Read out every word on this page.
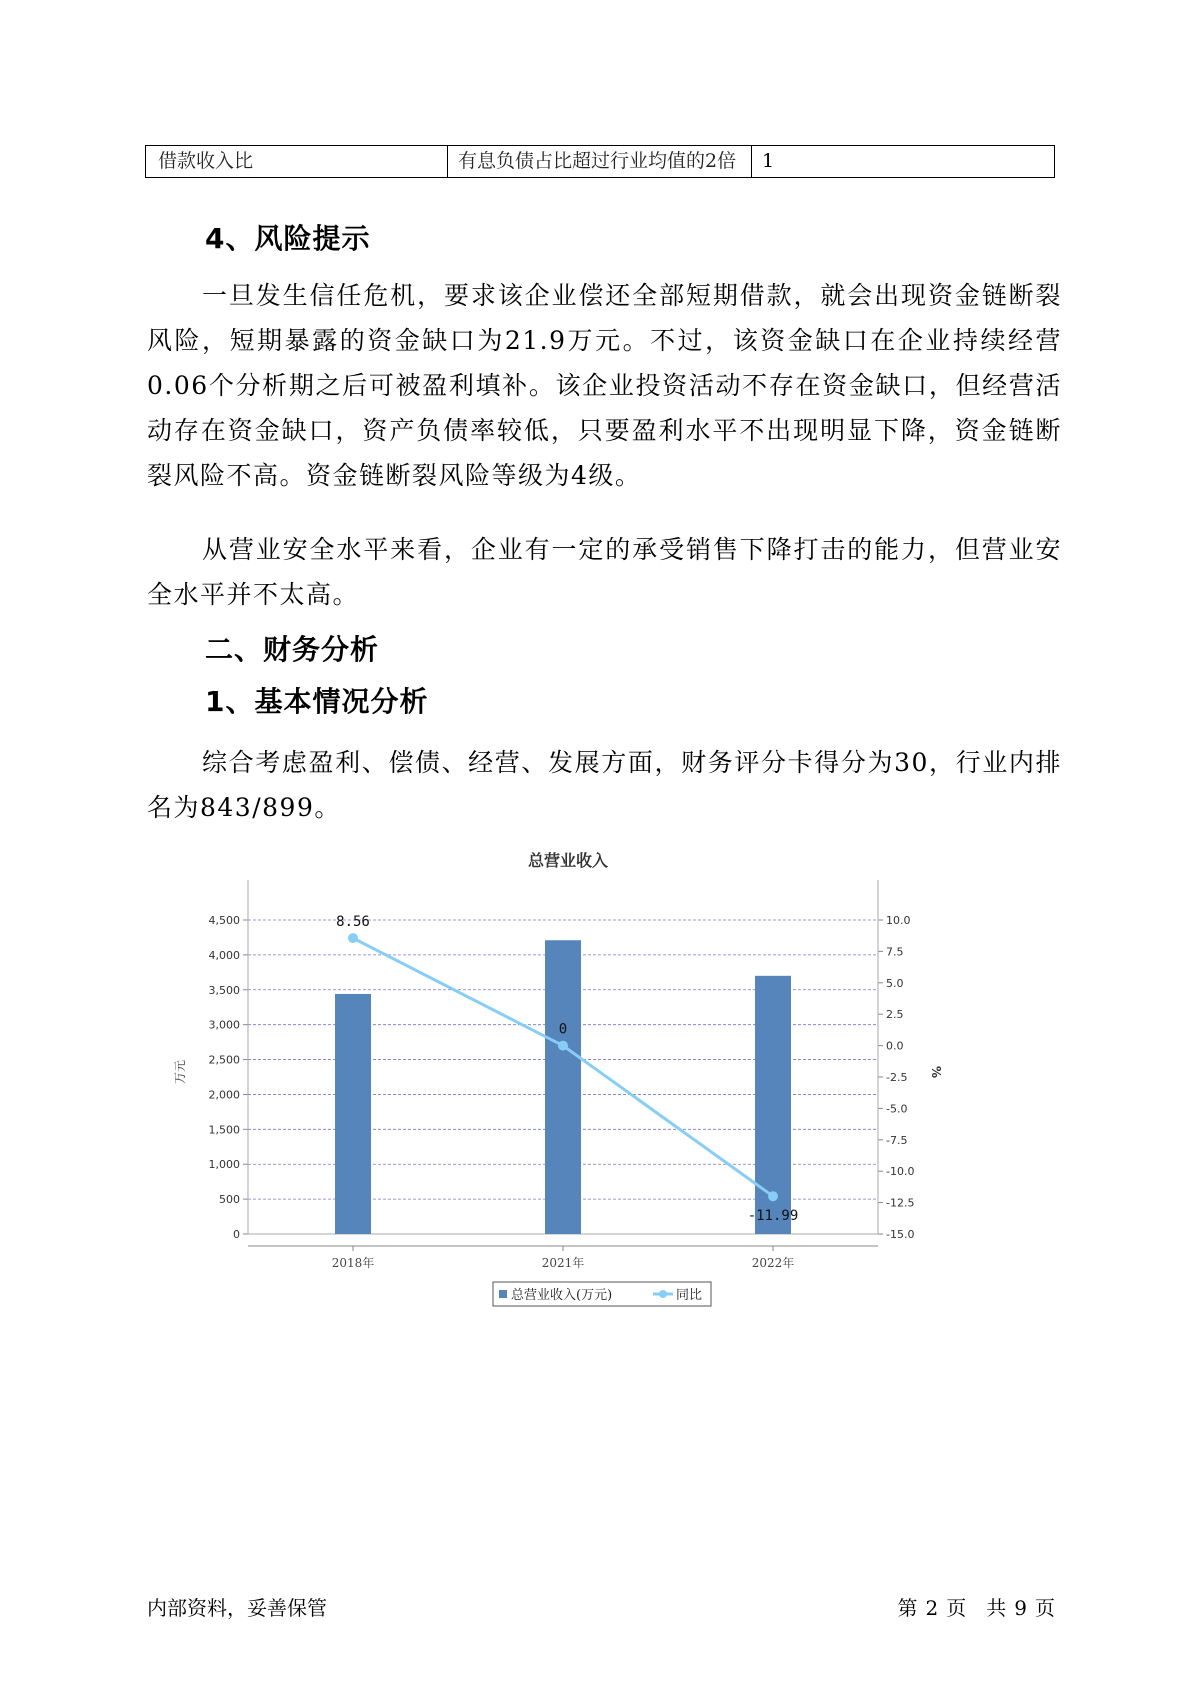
借款收入比	有息负债占比超过行业均值的2倍	1
4、风险提示

一旦发生信任危机，要求该企业偿还全部短期借款，就会出现资金链断裂风险，短期暴露的资金缺口为21.9万元。不过，该资金缺口在企业持续经营 0.06个分析期之后可被盈利填补。该企业投资活动不存在资金缺口，但经营活动存在资金缺口，资产负债率较低，只要盈利水平不出现明显下降，资金链断裂风险不高。资金链断裂风险等级为4级。

从营业安全水平来看，企业有一定的承受销售下降打击的能力，但营业安全水平并不太高。

二、财务分析
1、基本情况分析

综合考虑盈利、偿债、经营、发展方面，财务评分卡得分为30，行业内排名为843/899。

总营业收入
0
500
1,000
1,500
2,000
2,500
3,000
3,500
4,000
4,500
-15.0
-12.5
-10.0
-7.5
-5.0
-2.5
0.0
2.5
5.0
7.5
10.0
万元	%
2018年	2021年	2022年
8.56
0
-11.99
总营业收入(万元)	同比
内部资料，妥善保管	第 2 页　共 9 页
